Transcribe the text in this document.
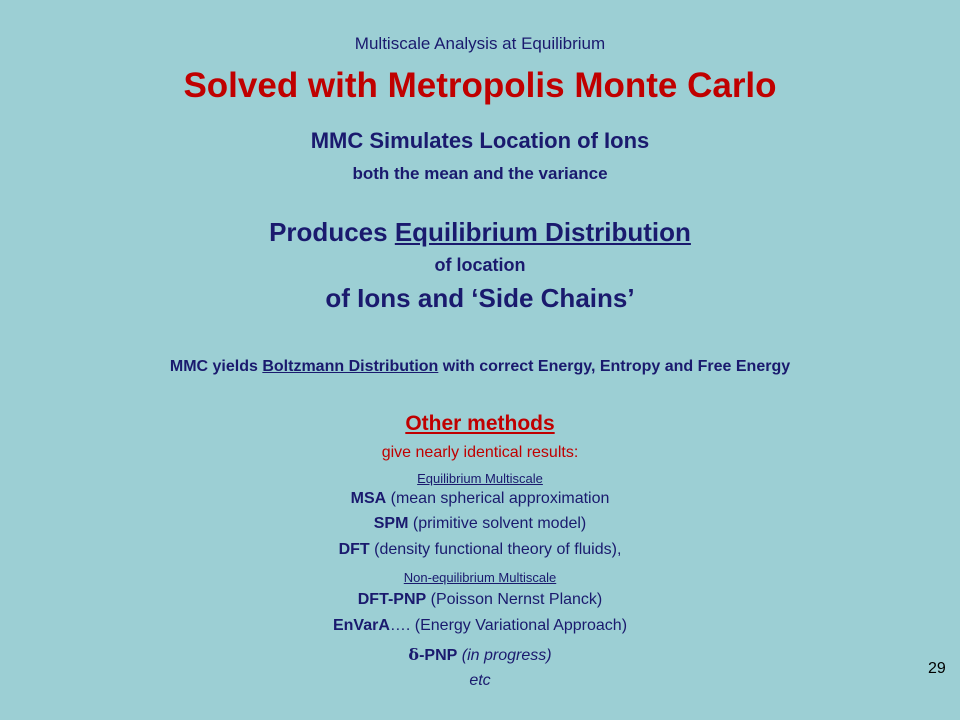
Multiscale Analysis at Equilibrium
Solved with Metropolis Monte Carlo
MMC Simulates Location of Ions
both the mean and the variance
Produces Equilibrium Distribution
of location
of Ions and ‘Side Chains’
MMC yields Boltzmann Distribution with correct Energy, Entropy and Free Energy
Other methods
give nearly identical results:
Equilibrium Multiscale
MSA (mean spherical approximation
SPM (primitive solvent model)
DFT (density functional theory of fluids),
Non-equilibrium Multiscale
DFT-PNP (Poisson Nernst Planck)
EnVarA…. (Energy Variational Approach)
δ-PNP (in progress)
etc
29
